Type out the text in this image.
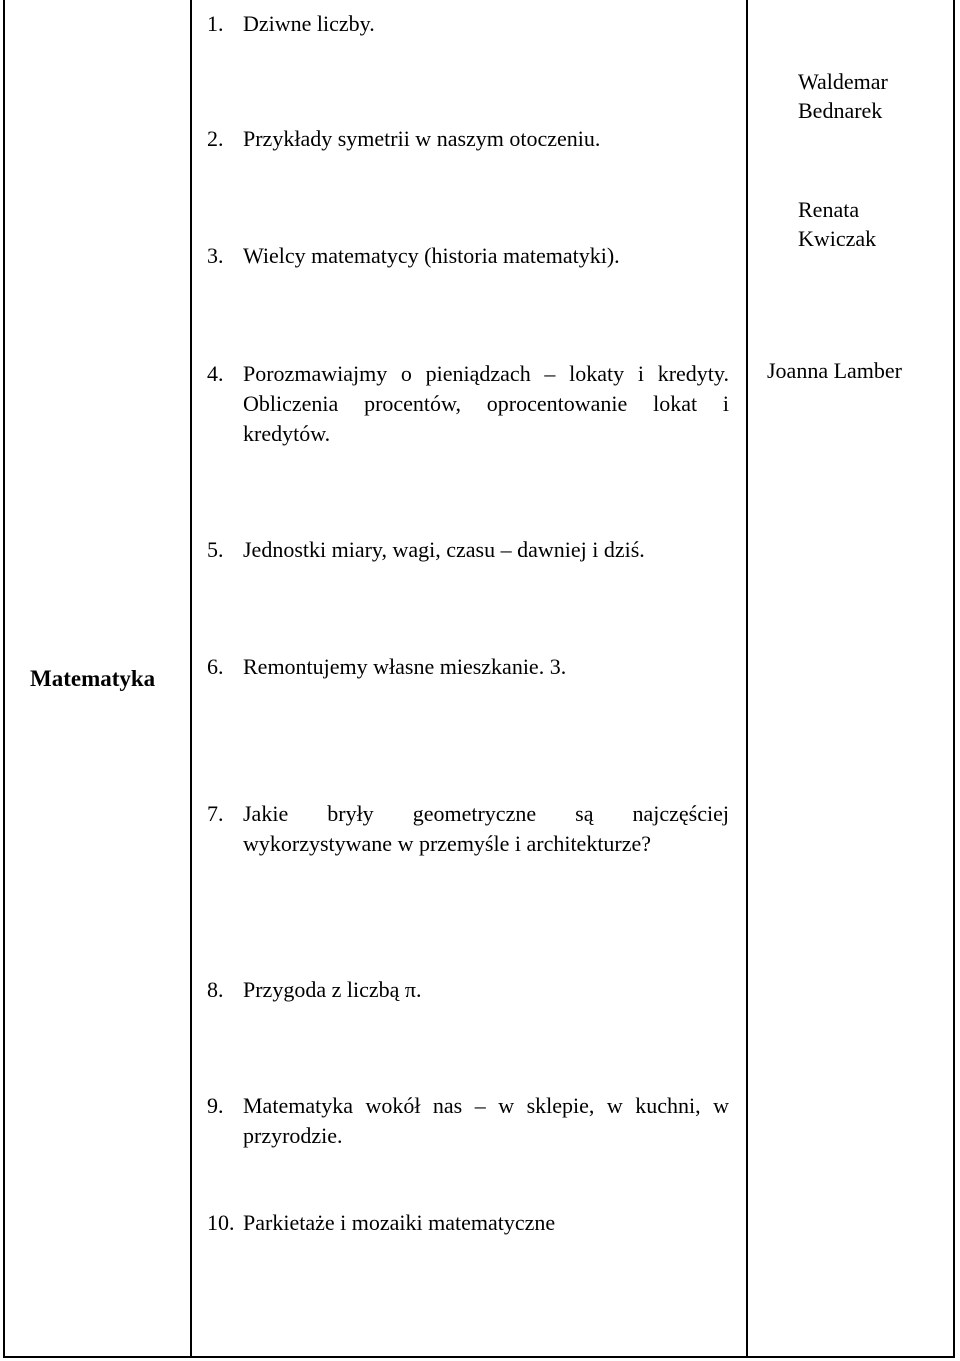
Matematyka
1. Dziwne liczby.
2. Przykłady symetrii w naszym otoczeniu.
3. Wielcy matematycy (historia matematyki).
4. Porozmawiajmy o pieniądzach – lokaty i kredyty. Obliczenia procentów, oprocentowanie lokat i kredytów.
5. Jednostki miary, wagi, czasu – dawniej i dziś.
6. Remontujemy własne mieszkanie. 3.
7. Jakie bryły geometryczne są najczęściej wykorzystywane w przemyśle i architekturze?
8. Przygoda z liczbą π.
9. Matematyka wokół nas – w sklepie, w kuchni, w przyrodzie.
10. Parkietaże i mozaiki matematyczne
Waldemar
Bednarek
Renata
Kwiczak
Joanna Lamber
